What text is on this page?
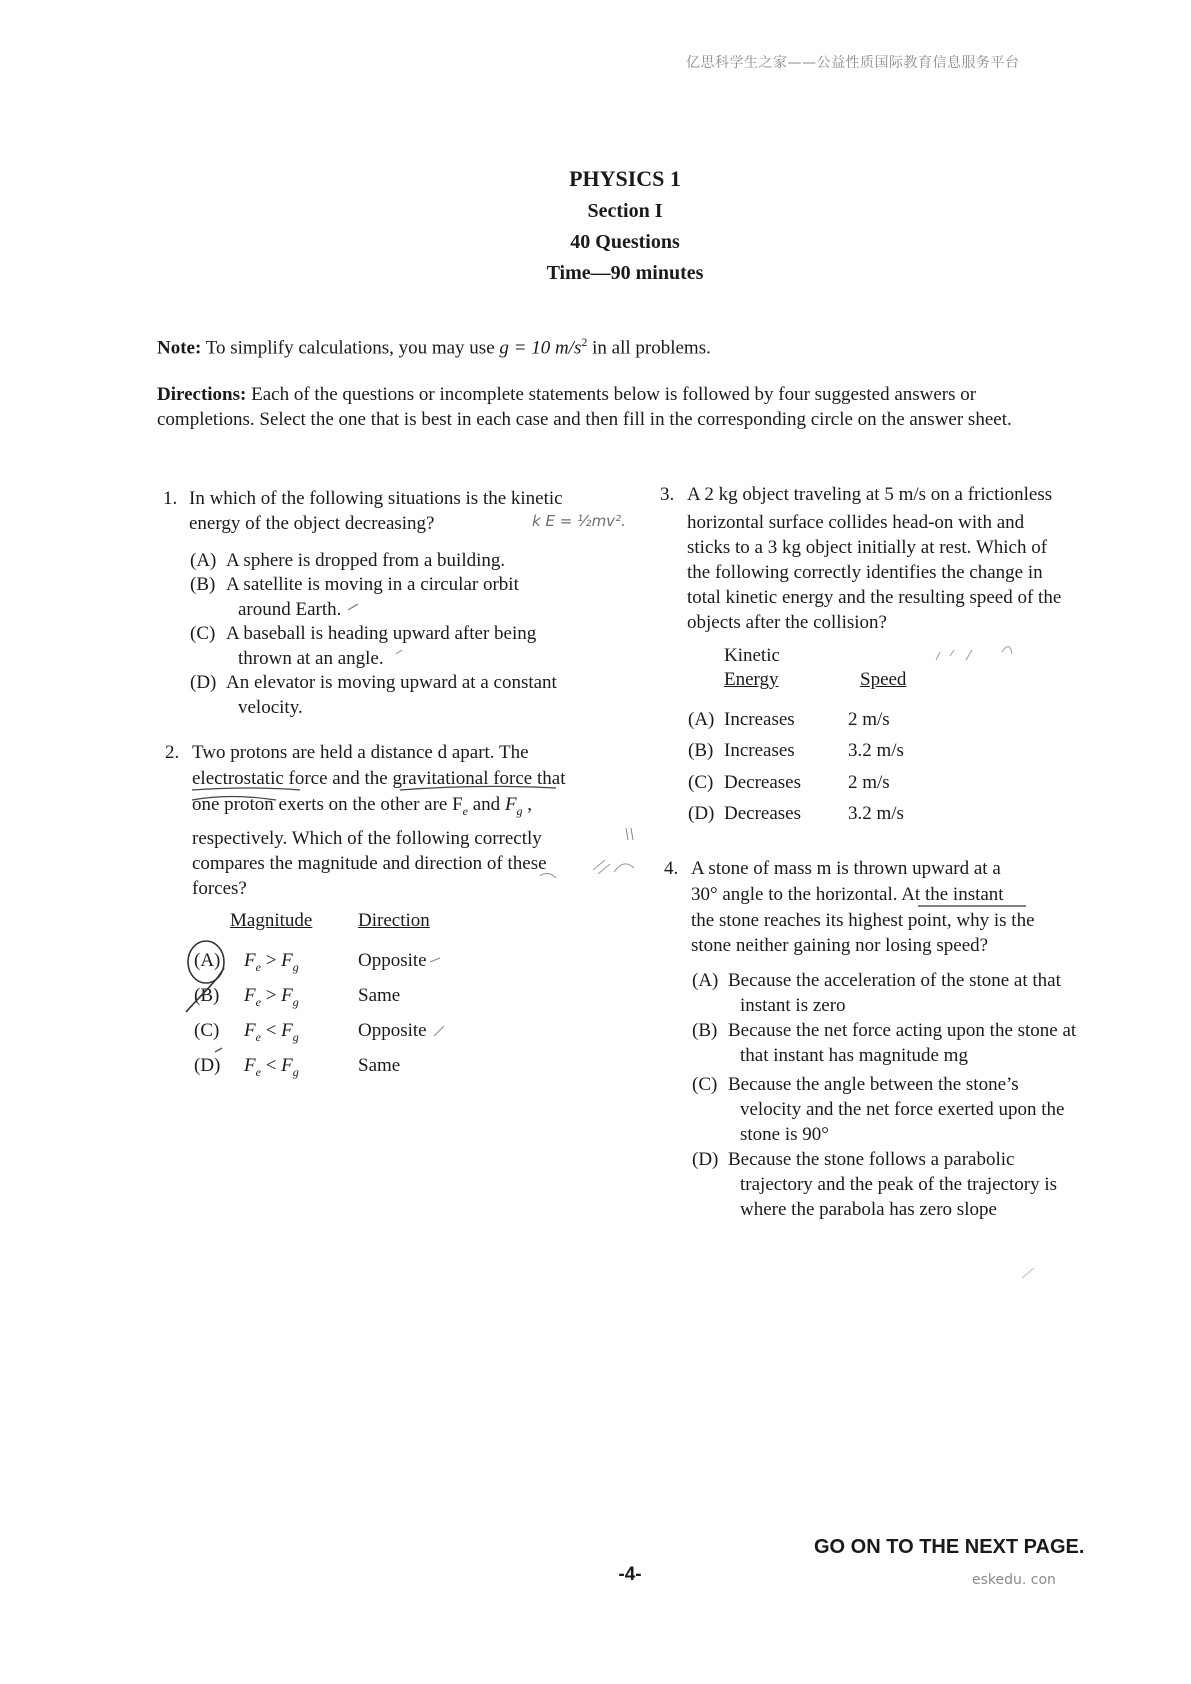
亿思科学生之家——公益性质国际教育信息服务平台
PHYSICS 1
Section I
40 Questions
Time—90 minutes
Note: To simplify calculations, you may use g = 10 $m/s^2$ in all problems.
Directions: Each of the questions or incomplete statements below is followed by four suggested answers or
completions. Select the one that is best in each case and then fill in the corresponding circle on the answer sheet.
1. In which of the following situations is the kinetic
energy of the object decreasing?
(A) A sphere is dropped from a building.
(B) A satellite is moving in a circular orbit
around Earth.
(C) A baseball is heading upward after being
thrown at an angle.
(D) An elevator is moving upward at a constant
velocity.
k E = ½mv².
2. Two protons are held a distance d apart. The
electrostatic force and the gravitational force that
one proton exerts on the other are $F_e$ and $F_g$ ,
respectively. Which of the following correctly
compares the magnitude and direction of these
forces?
Magnitude Direction
(A) $F_e > F_g$	Opposite
(B) $F_e > F_g$	Same
(C) $F_e < F_g$	Opposite
(D) $F_e < F_g$	Same
3. A 2 kg object traveling at 5 m/s on a frictionless
horizontal surface collides head-on with and
sticks to a 3 kg object initially at rest. Which of
the following correctly identifies the change in
total kinetic energy and the resulting speed of the
objects after the collision?
Kinetic
Energy	Speed
(A) Increases	2 m/s
(B) Increases	3.2 m/s
(C) Decreases 2 m/s
(D) Decreases 3.2 m/s
4. A stone of mass m is thrown upward at a
30° angle to the horizontal. At the instant
the stone reaches its highest point, why is the
stone neither gaining nor losing speed?
(A) Because the acceleration of the stone at that
instant is zero
(B) Because the net force acting upon the stone at
that instant has magnitude mg
(C) Because the angle between the stone’s
velocity and the net force exerted upon the
stone is 90°
(D) Because the stone follows a parabolic
trajectory and the peak of the trajectory is
where the parabola has zero slope
GO ON TO THE NEXT PAGE.
-4-	eskedu. con
